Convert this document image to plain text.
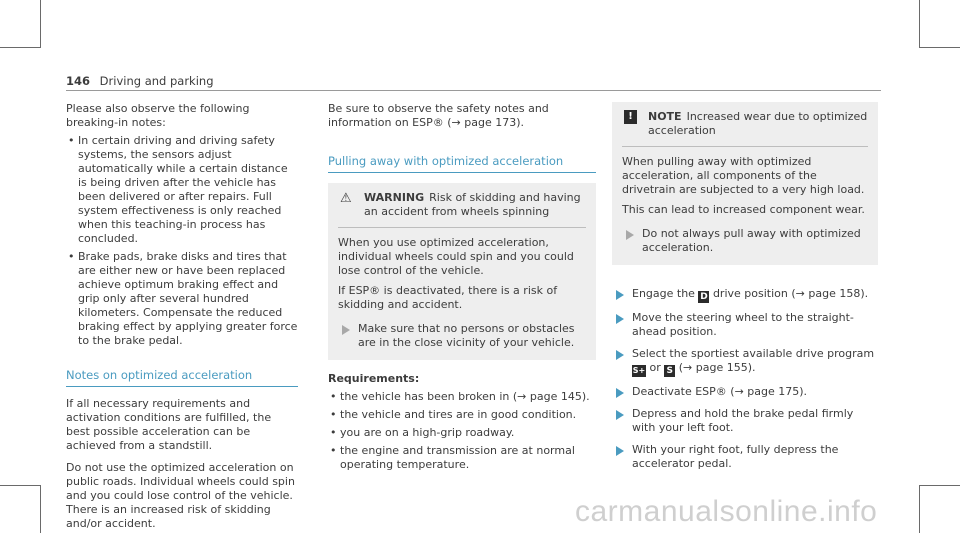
146 Driving and parking

Please also observe the following breaking-in notes:

• In certain driving and driving safety systems, the sensors adjust automatically while a certain distance is being driven after the vehicle has been delivered or after repairs. Full system effectiveness is only reached when this teaching-in process has concluded.
• Brake pads, brake disks and tires that are either new or have been replaced achieve optimum braking effect and grip only after several hundred kilometers. Compensate the reduced braking effect by applying greater force to the brake pedal.
Notes on optimized acceleration

If all necessary requirements and activation conditions are fulfilled, the best possible acceleration can be achieved from a standstill.

Do not use the optimized acceleration on public roads. Individual wheels could spin and you could lose control of the vehicle. There is an increased risk of skidding and/or accident.

Be sure to observe the safety notes and information on ESP® (→ page 173).

Pulling away with optimized acceleration
⚠ WARNING Risk of skidding and having an accident from wheels spinning

When you use optimized acceleration, individual wheels could spin and you could lose control of the vehicle.

If ESP® is deactivated, there is a risk of skidding and accident.

Make sure that no persons or obstacles are in the close vicinity of your vehicle.
Requirements:
• the vehicle has been broken in (→ page 145).
• the vehicle and tires are in good condition.
• you are on a high-grip roadway.
• the engine and transmission are at normal operating temperature.
!	NOTE Increased wear due to optimized acceleration

When pulling away with optimized acceleration, all components of the drivetrain are subjected to a very high load.

This can lead to increased component wear.

Do not always pull away with optimized acceleration.
Engage the D drive position (→ page 158).
Move the steering wheel to the straight-ahead position.
Select the sportiest available drive program
S+ or S (→ page 155).
Deactivate ESP® (→ page 175).
Depress and hold the brake pedal firmly with your left foot.
With your right foot, fully depress the accelerator pedal.
carmanualsonline.info
